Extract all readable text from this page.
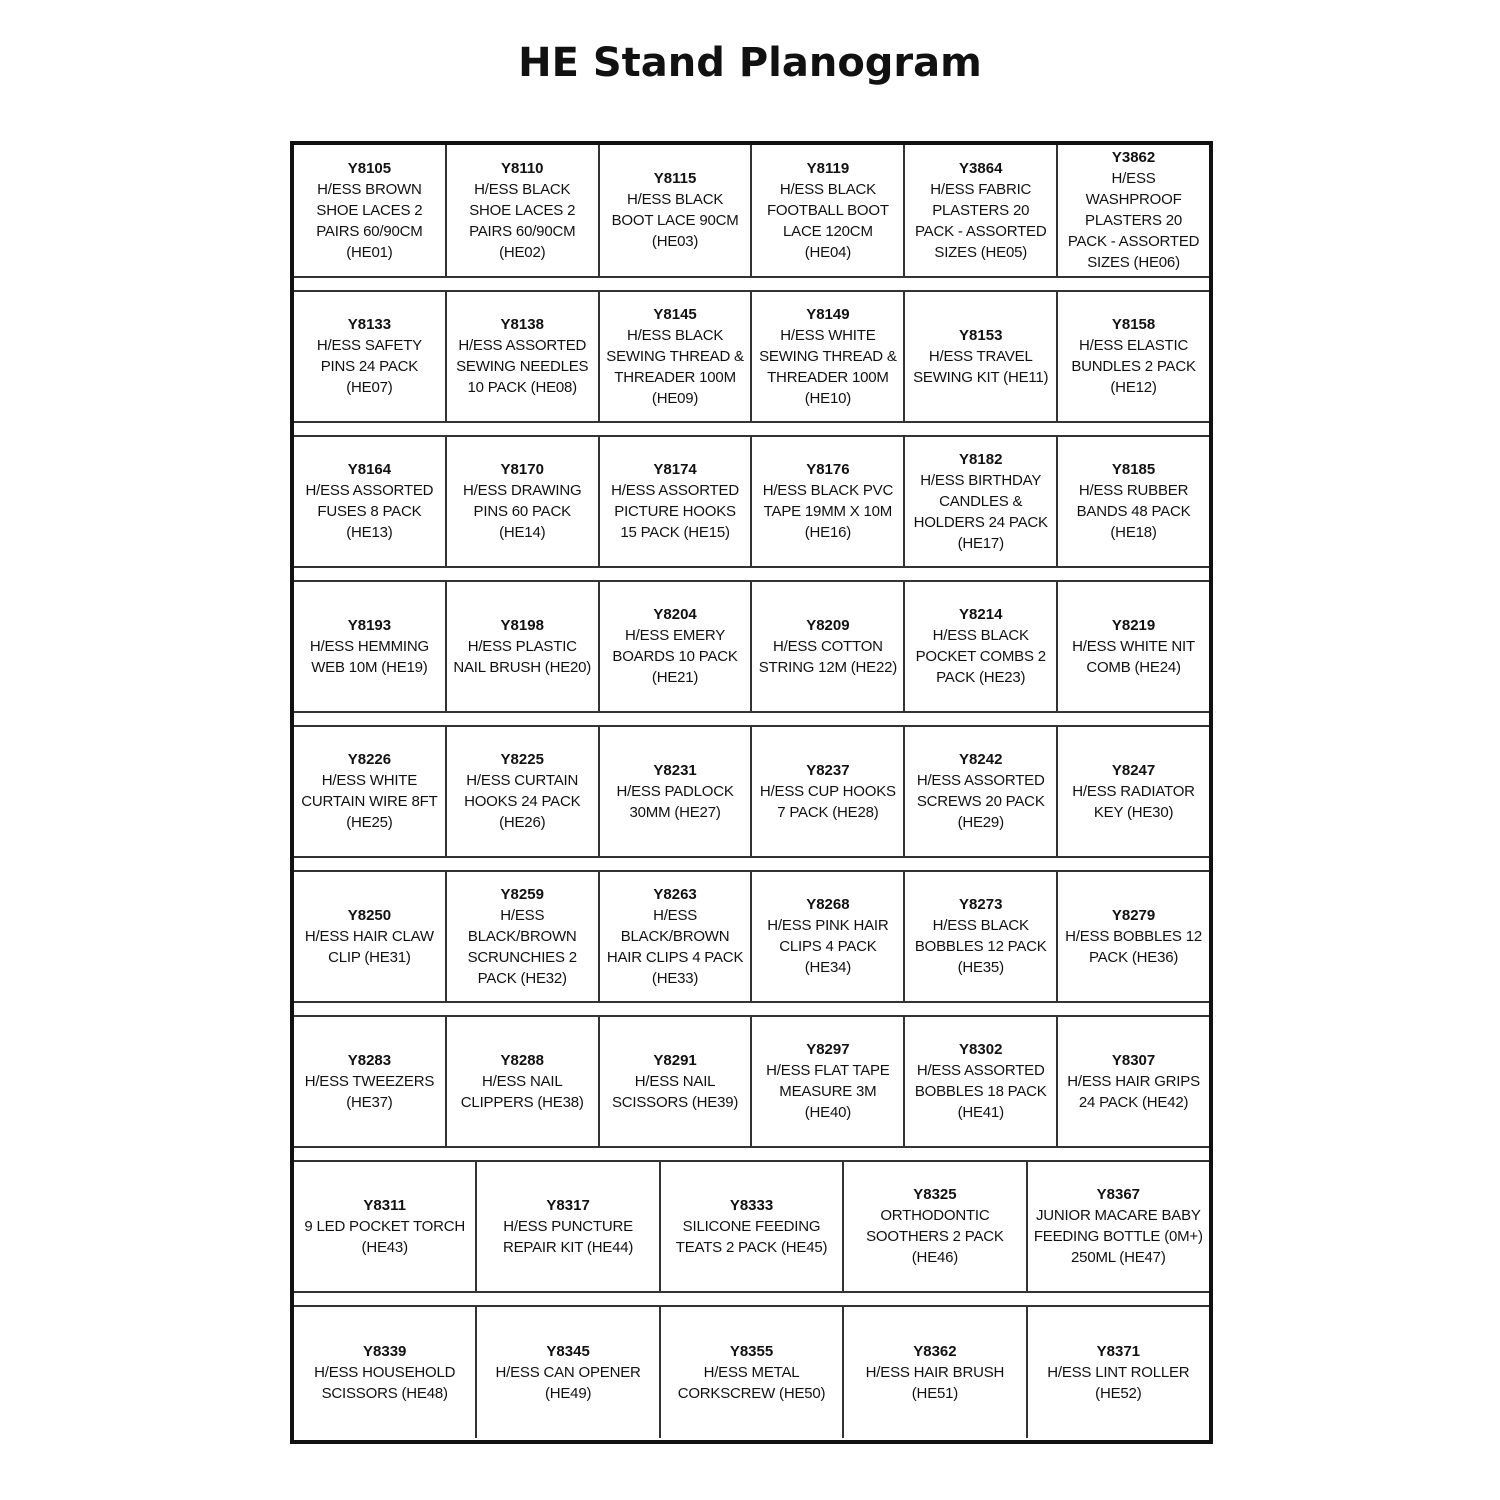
HE Stand Planogram
Y8105
H/ESS BROWN SHOE LACES 2 PAIRS 60/90CM (HE01)
Y8110
H/ESS BLACK SHOE LACES 2 PAIRS 60/90CM (HE02)
Y8115
H/ESS BLACK BOOT LACE 90CM (HE03)
Y8119
H/ESS BLACK FOOTBALL BOOT LACE 120CM (HE04)
Y3864
H/ESS FABRIC PLASTERS 20 PACK - ASSORTED SIZES (HE05)
Y3862
H/ESS WASHPROOF PLASTERS 20 PACK - ASSORTED SIZES (HE06)
Y8133
H/ESS SAFETY PINS 24 PACK (HE07)
Y8138
H/ESS ASSORTED SEWING NEEDLES 10 PACK (HE08)
Y8145
H/ESS BLACK SEWING THREAD & THREADER 100M (HE09)
Y8149
H/ESS WHITE SEWING THREAD & THREADER 100M (HE10)
Y8153
H/ESS TRAVEL SEWING KIT (HE11)
Y8158
H/ESS ELASTIC BUNDLES 2 PACK (HE12)
Y8164
H/ESS ASSORTED FUSES 8 PACK (HE13)
Y8170
H/ESS DRAWING PINS 60 PACK (HE14)
Y8174
H/ESS ASSORTED PICTURE HOOKS 15 PACK (HE15)
Y8176
H/ESS BLACK PVC TAPE 19MM X 10M (HE16)
Y8182
H/ESS BIRTHDAY CANDLES & HOLDERS 24 PACK (HE17)
Y8185
H/ESS RUBBER BANDS 48 PACK (HE18)
Y8193
H/ESS HEMMING WEB 10M (HE19)
Y8198
H/ESS PLASTIC NAIL BRUSH (HE20)
Y8204
H/ESS EMERY BOARDS 10 PACK (HE21)
Y8209
H/ESS COTTON STRING 12M (HE22)
Y8214
H/ESS BLACK POCKET COMBS 2 PACK (HE23)
Y8219
H/ESS WHITE NIT COMB (HE24)
Y8226
H/ESS WHITE CURTAIN WIRE 8FT (HE25)
Y8225
H/ESS CURTAIN HOOKS 24 PACK (HE26)
Y8231
H/ESS PADLOCK 30MM (HE27)
Y8237
H/ESS CUP HOOKS 7 PACK (HE28)
Y8242
H/ESS ASSORTED SCREWS 20 PACK (HE29)
Y8247
H/ESS RADIATOR KEY (HE30)
Y8250
H/ESS HAIR CLAW CLIP (HE31)
Y8259
H/ESS BLACK/BROWN SCRUNCHIES 2 PACK (HE32)
Y8263
H/ESS BLACK/BROWN HAIR CLIPS 4 PACK (HE33)
Y8268
H/ESS PINK HAIR CLIPS 4 PACK (HE34)
Y8273
H/ESS BLACK BOBBLES 12 PACK (HE35)
Y8279
H/ESS BOBBLES 12 PACK (HE36)
Y8283
H/ESS TWEEZERS (HE37)
Y8288
H/ESS NAIL CLIPPERS (HE38)
Y8291
H/ESS NAIL SCISSORS (HE39)
Y8297
H/ESS FLAT TAPE MEASURE 3M (HE40)
Y8302
H/ESS ASSORTED BOBBLES 18 PACK (HE41)
Y8307
H/ESS HAIR GRIPS 24 PACK (HE42)
Y8311
9 LED POCKET TORCH (HE43)
Y8317
H/ESS PUNCTURE REPAIR KIT (HE44)
Y8333
SILICONE FEEDING TEATS 2 PACK (HE45)
Y8325
ORTHODONTIC SOOTHERS 2 PACK (HE46)
Y8367
JUNIOR MACARE BABY FEEDING BOTTLE (0M+) 250ML (HE47)
Y8339
H/ESS HOUSEHOLD SCISSORS (HE48)
Y8345
H/ESS CAN OPENER (HE49)
Y8355
H/ESS METAL CORKSCREW (HE50)
Y8362
H/ESS HAIR BRUSH (HE51)
Y8371
H/ESS LINT ROLLER (HE52)
